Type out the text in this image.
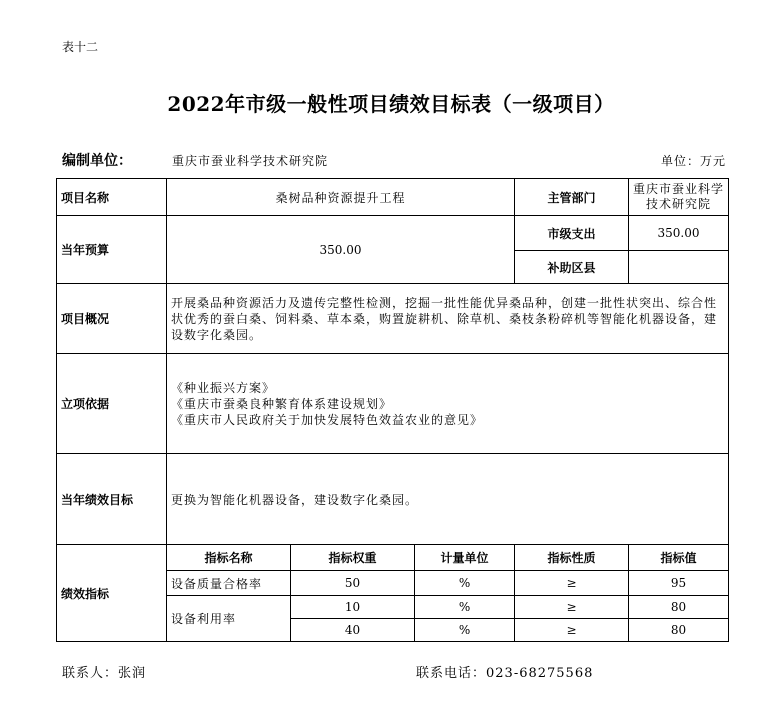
表十二
2022年市级一般性项目绩效目标表（一级项目）
编制单位：	重庆市蚕业科学技术研究院	单位：万元
项目名称	桑树品种资源提升工程			主管部门	重庆市蚕业科学技术研究院
当年预算	350.00			市级支出	350.00
				补助区县	
项目概况	开展桑品种资源活力及遗传完整性检测，挖掘一批性能优异桑品种，创建一批性状突出、综合性状优秀的蚕白桑、饲料桑、草本桑，购置旋耕机、除草机、桑枝条粉碎机等智能化机器设备，建设数字化桑园。				
立项依据	《种业振兴方案》
《重庆市蚕桑良种繁育体系建设规划》
《重庆市人民政府关于加快发展特色效益农业的意见》				

当年绩效目标	更换为智能化机器设备，建设数字化桑园。				
绩效指标	指标名称	指标权重	计量单位	指标性质	指标值
	设备质量合格率	50	%	≥	95
	设备利用率	10	%	≥	80
		40	%	≥	80
联系人：张润	联系电话：023-68275568
